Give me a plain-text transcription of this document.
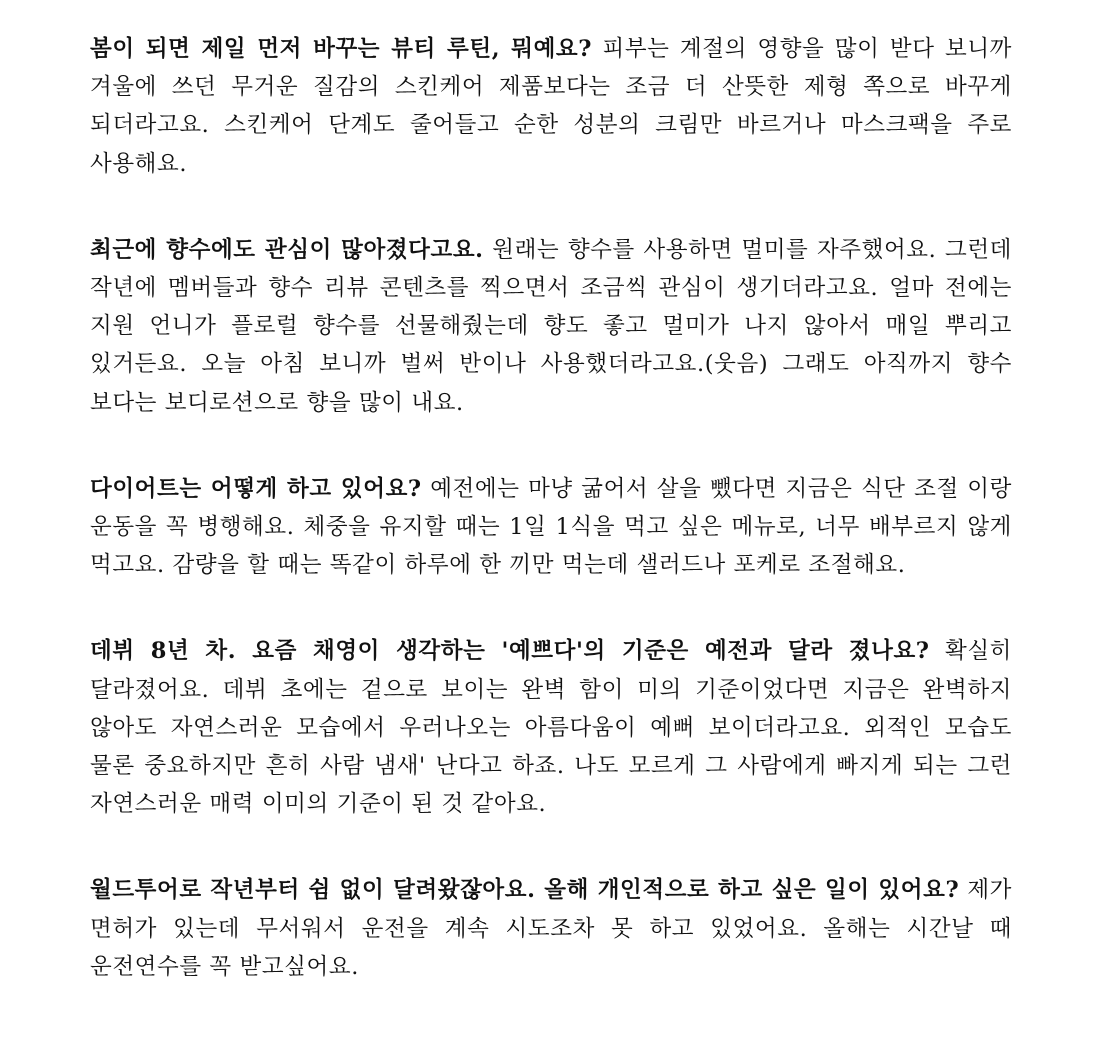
봄이 되면 제일 먼저 바꾸는 뷰티 루틴, 뭐예요? 피부는 계절의 영향을 많이 받다 보니까 겨울에 쓰던 무거운 질감의 스킨케어 제품보다는 조금 더 산뜻한 제형 쪽으로 바꾸게 되더라고요. 스킨케어 단계도 줄어들고 순한 성분의 크림만 바르거나 마스크팩을 주로 사용해요.

최근에 향수에도 관심이 많아졌다고요. 원래는 향수를 사용하면 멀미를 자주했어요. 그런데 작년에 멤버들과 향수 리뷰 콘텐츠를 찍으면서 조금씩 관심이 생기더라고요. 얼마 전에는 지원 언니가 플로럴 향수를 선물해줬는데 향도 좋고 멀미가 나지 않아서 매일 뿌리고 있거든요. 오늘 아침 보니까 벌써 반이나 사용했더라고요.(웃음) 그래도 아직까지 향수 보다는 보디로션으로 향을 많이 내요.

다이어트는 어떻게 하고 있어요? 예전에는 마냥 굶어서 살을 뺐다면 지금은 식단 조절 이랑 운동을 꼭 병행해요. 체중을 유지할 때는 1일 1식을 먹고 싶은 메뉴로, 너무 배부르지 않게 먹고요. 감량을 할 때는 똑같이 하루에 한 끼만 먹는데 샐러드나 포케로 조절해요.

데뷔 8년 차. 요즘 채영이 생각하는 '예쁘다'의 기준은 예전과 달라 졌나요? 확실히 달라졌어요. 데뷔 초에는 겉으로 보이는 완벽 함이 미의 기준이었다면 지금은 완벽하지 않아도 자연스러운 모습에서 우러나오는 아름다움이 예뻐 보이더라고요. 외적인 모습도 물론 중요하지만 흔히 사람 냄새' 난다고 하죠. 나도 모르게 그 사람에게 빠지게 되는 그런 자연스러운 매력 이미의 기준이 된 것 같아요.

월드투어로 작년부터 쉼 없이 달려왔잖아요. 올해 개인적으로 하고 싶은 일이 있어요? 제가 면허가 있는데 무서워서 운전을 계속 시도조차 못 하고 있었어요. 올해는 시간날 때 운전연수를 꼭 받고싶어요.
